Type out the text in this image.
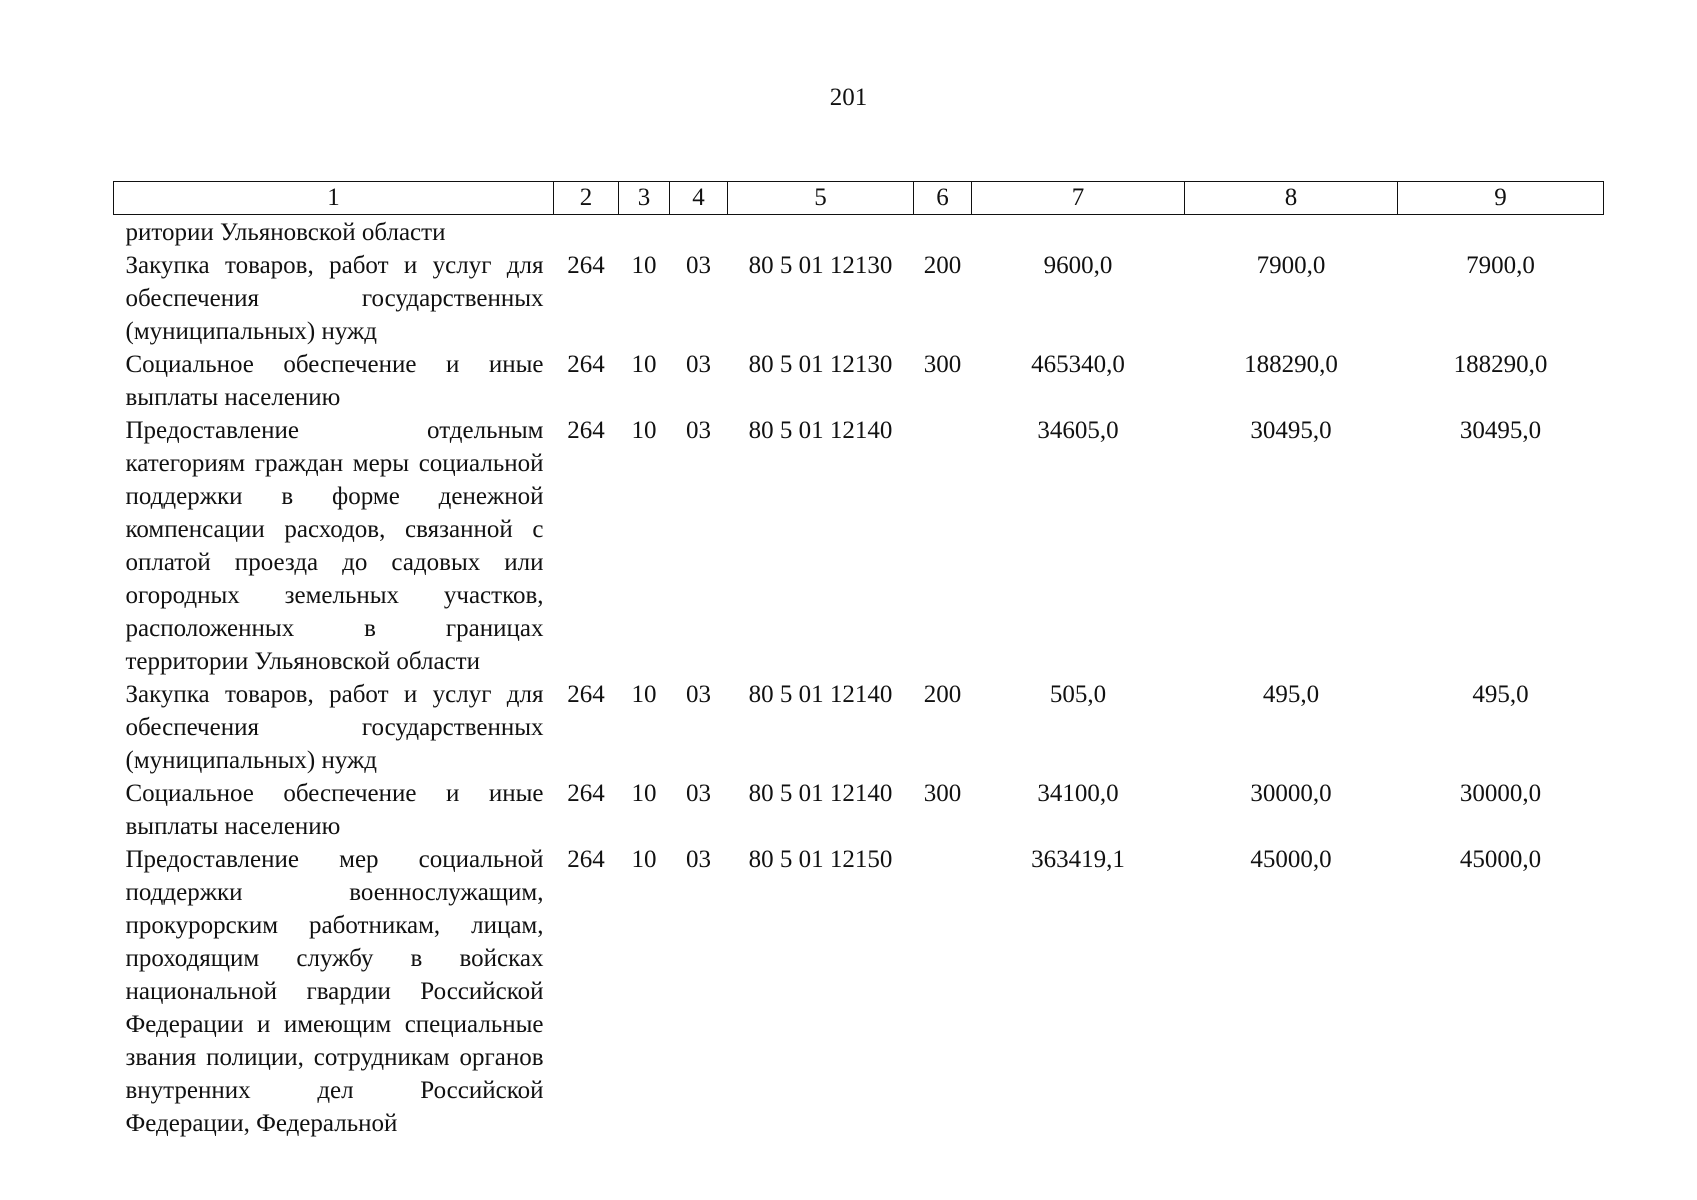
201
1	2	3	4	5	6	7	8	9
ритории Ульяновской области								
Закупка товаров, работ и услуг для обеспечения государственных (муниципальных) нужд	264	10	03	80 5 01 12130	200	9600,0	7900,0	7900,0
Социальное обеспечение и иные выплаты населению	264	10	03	80 5 01 12130	300	465340,0	188290,0	188290,0
Предоставление отдельным категориям граждан меры социальной поддержки в форме денежной компенсации расходов, связанной с оплатой проезда до садовых или огородных земельных участков, расположенных в границах территории Ульяновской области	264	10	03	80 5 01 12140		34605,0	30495,0	30495,0
Закупка товаров, работ и услуг для обеспечения государственных (муниципальных) нужд	264	10	03	80 5 01 12140	200	505,0	495,0	495,0
Социальное обеспечение и иные выплаты населению	264	10	03	80 5 01 12140	300	34100,0	30000,0	30000,0
Предоставление мер социальной поддержки военнослужащим, прокурорским работникам, лицам, проходящим службу в войсках национальной гвардии Российской Федерации и имеющим специальные звания полиции, сотрудникам органов внутренних дел Российской Федерации, Федеральной	264	10	03	80 5 01 12150		363419,1	45000,0	45000,0
